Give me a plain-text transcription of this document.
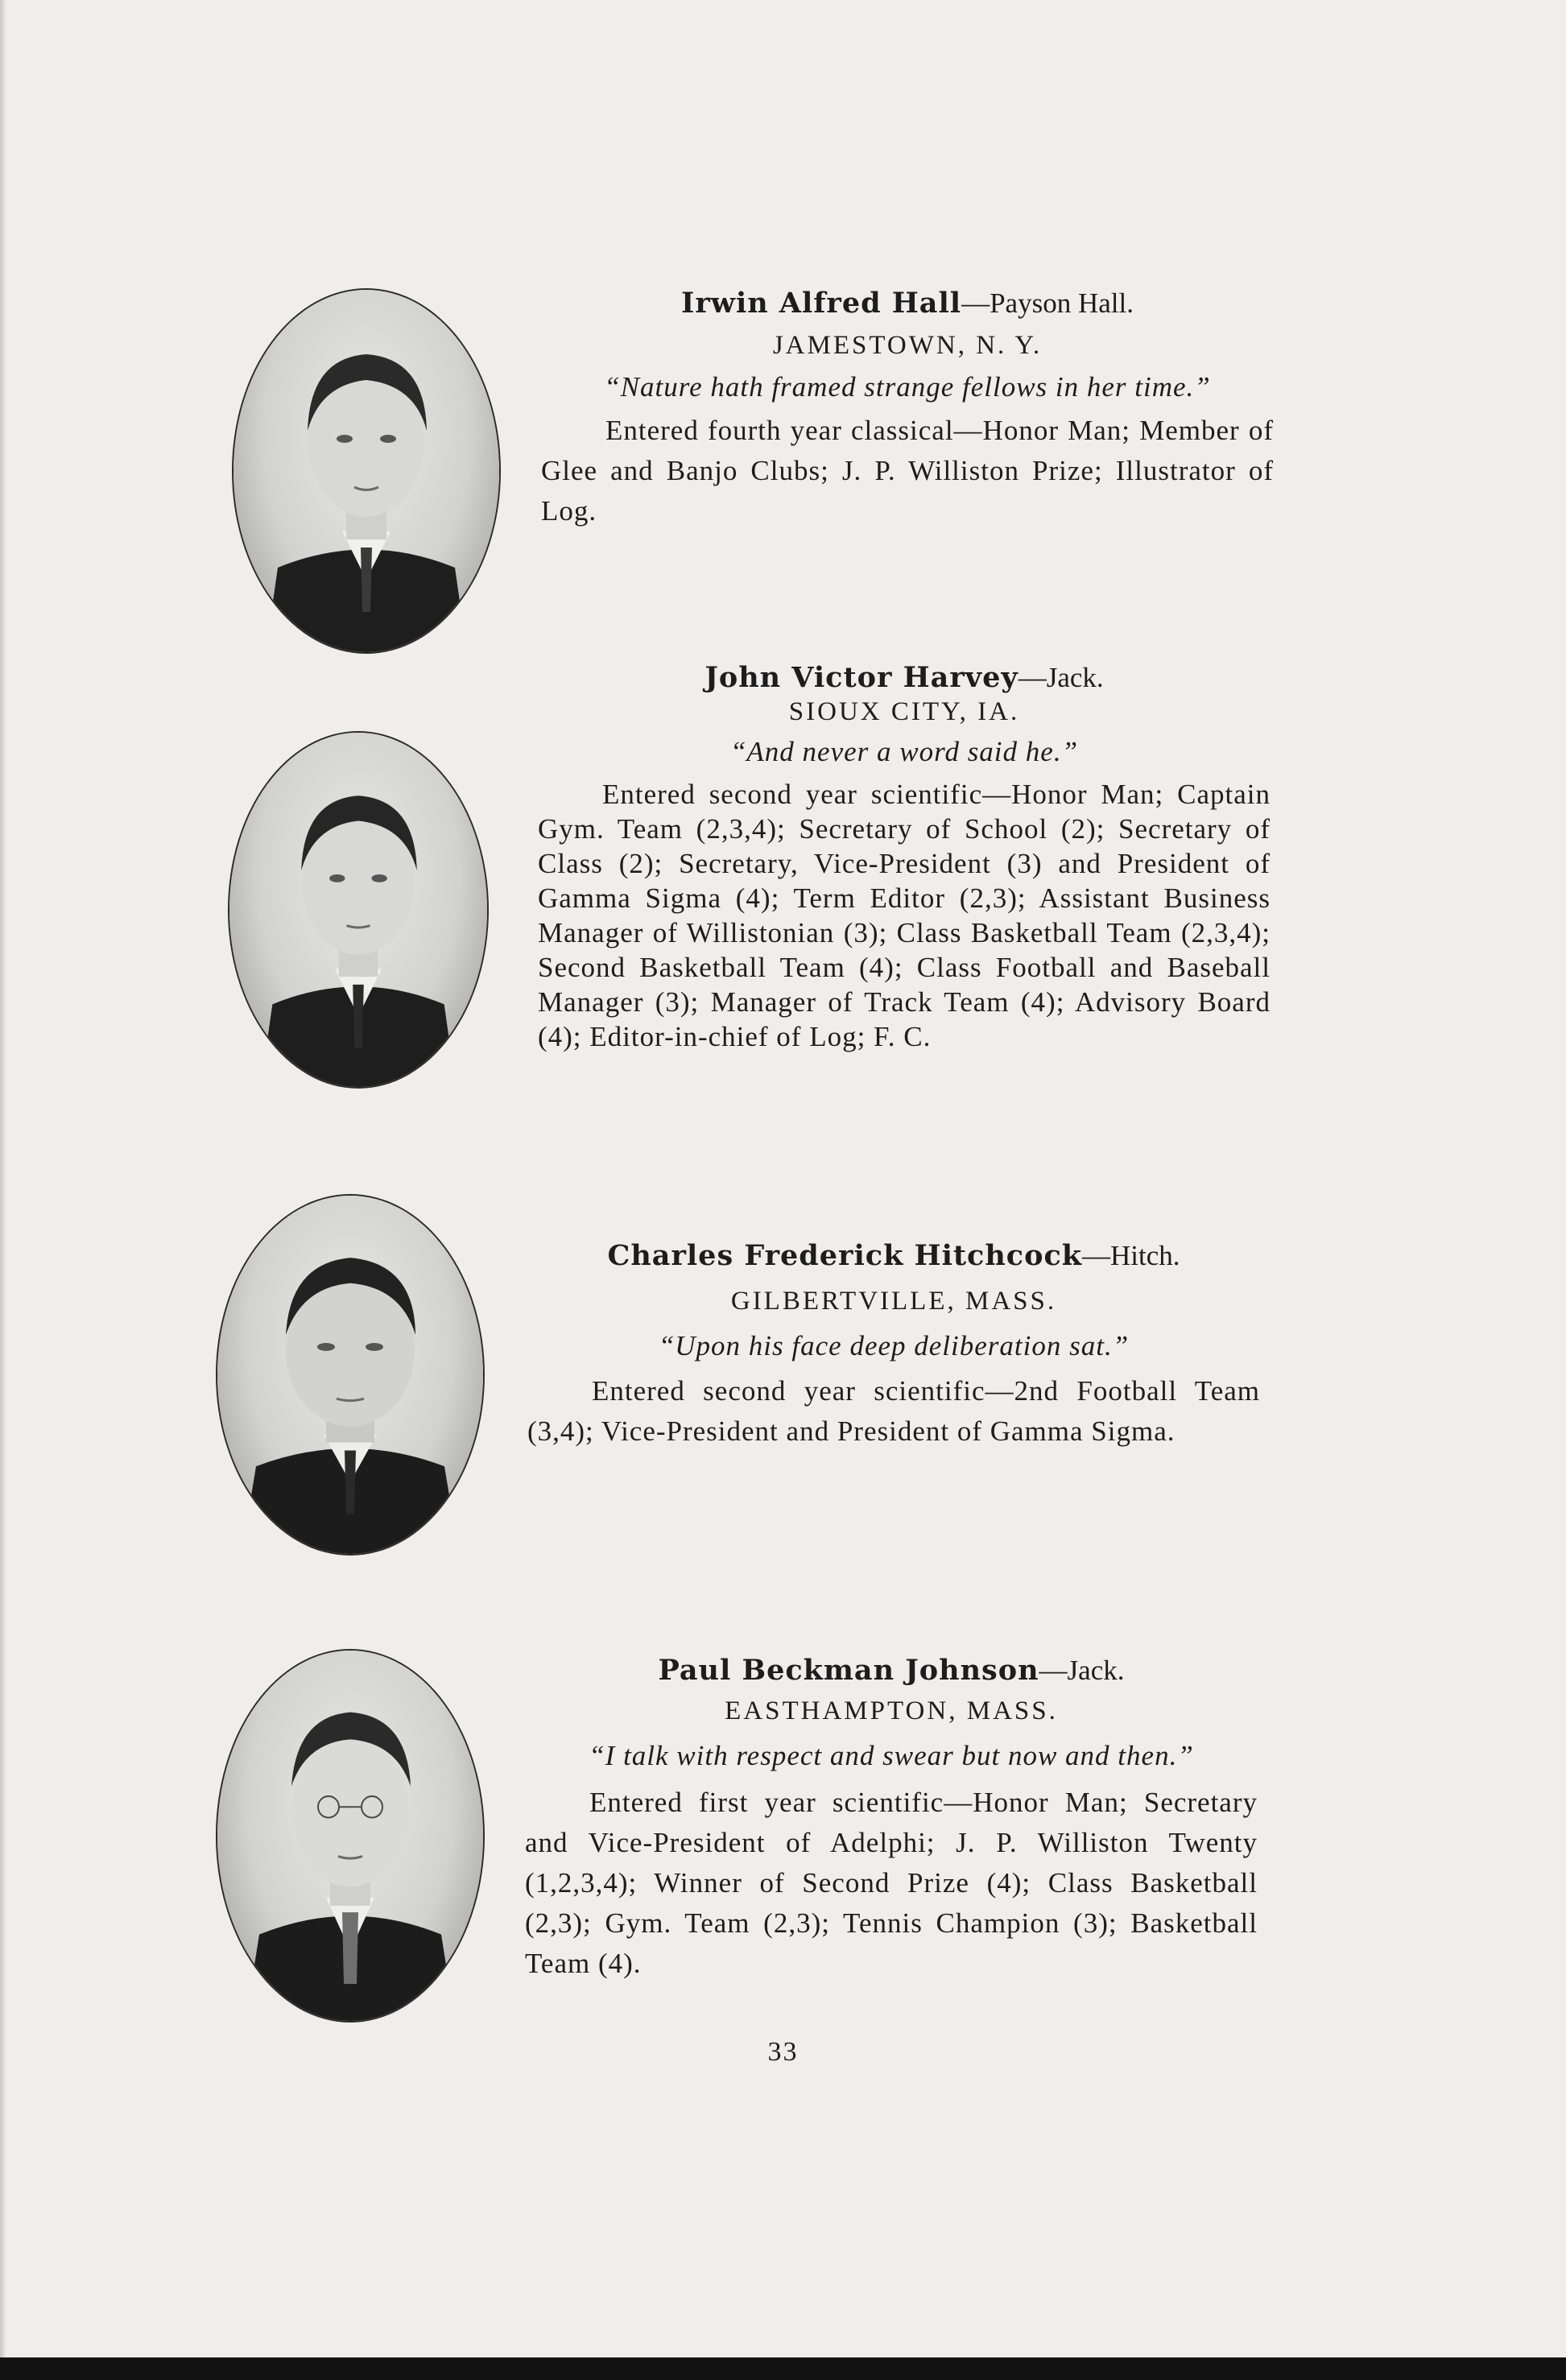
Irwin Alfred Hall—Payson Hall.
JAMESTOWN, N. Y.
“Nature hath framed strange fellows in her time.”
Entered fourth year classical—Honor Man; Member of Glee and Banjo Clubs; J. P. Williston Prize; Illustrator of Log.
John Victor Harvey—Jack.
SIOUX CITY, IA.
“And never a word said he.”
Entered second year scientific—Honor Man; Captain Gym. Team (2,3,4); Secretary of School (2); Secretary of Class (2); Secretary, Vice-President (3) and President of Gamma Sigma (4); Term Editor (2,3); Assistant Business Manager of Willistonian (3); Class Basketball Team (2,3,4); Second Basketball Team (4); Class Football and Baseball Manager (3); Manager of Track Team (4); Advisory Board (4); Editor-in-chief of Log; F. C.
Charles Frederick Hitchcock—Hitch.
GILBERTVILLE, MASS.
“Upon his face deep deliberation sat.”
Entered second year scientific—2nd Football Team (3,4); Vice-President and President of Gamma Sigma.
Paul Beckman Johnson—Jack.
EASTHAMPTON, MASS.
“I talk with respect and swear but now and then.”
Entered first year scientific—Honor Man; Secretary and Vice-President of Adelphi; J. P. Williston Twenty (1,2,3,4); Winner of Second Prize (4); Class Basketball (2,3); Gym. Team (2,3); Tennis Champion (3); Basketball Team (4).
33
